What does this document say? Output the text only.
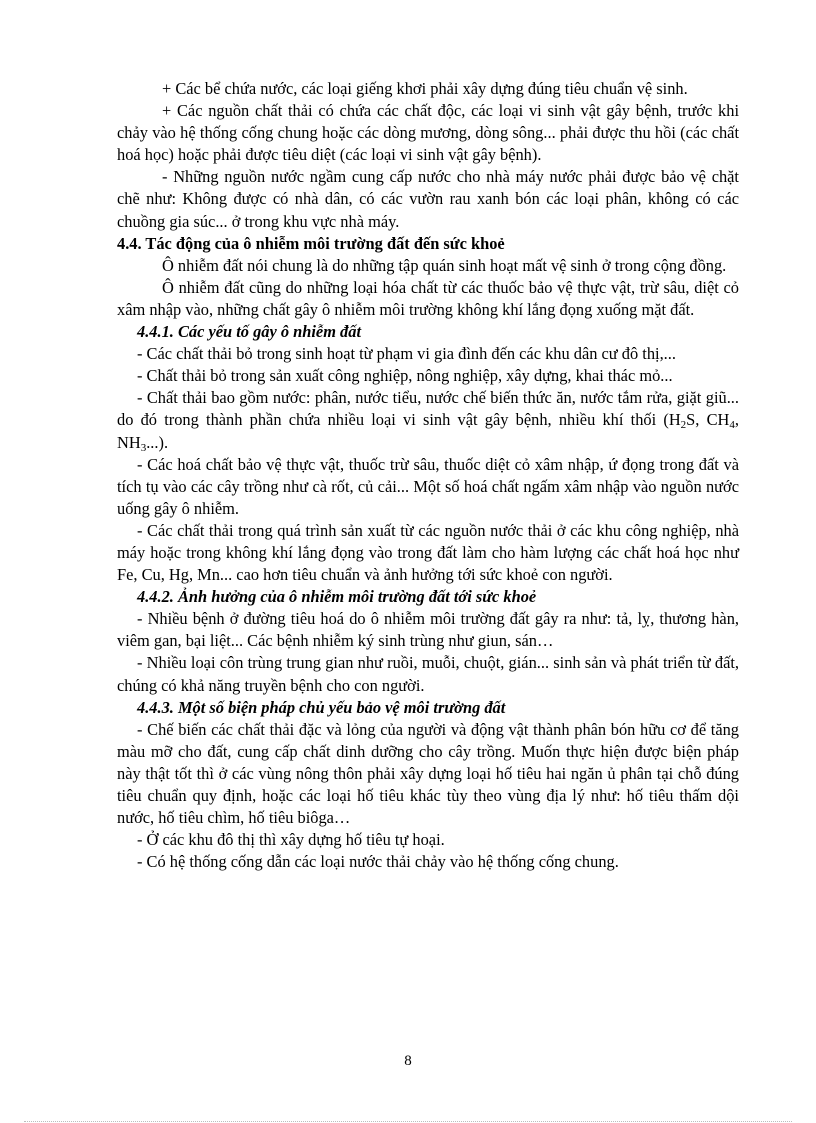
+ Các bể chứa nước, các loại giếng khơi phải xây dựng đúng tiêu chuẩn vệ sinh.

+ Các nguồn chất thải có chứa các chất độc, các loại vi sinh vật gây bệnh, trước khi chảy vào hệ thống cống chung hoặc các dòng mương, dòng sông... phải được thu hồi (các chất hoá học) hoặc phải được tiêu diệt (các loại vi sinh vật gây bệnh).

- Những nguồn nước ngầm cung cấp nước cho nhà máy nước phải được bảo vệ chặt chẽ như: Không được có nhà dân, có các vườn rau xanh bón các loại phân, không có các chuồng gia súc... ở trong khu vực nhà máy.

4.4. Tác động của ô nhiễm môi trường đất đến sức khoẻ

Ô nhiễm đất nói chung là do những tập quán sinh hoạt mất vệ sinh ở trong cộng đồng.

Ô nhiễm đất cũng do những loại hóa chất từ các thuốc bảo vệ thực vật, trừ sâu, diệt cỏ xâm nhập vào, những chất gây ô nhiễm môi trường không khí lắng đọng xuống mặt đất.

4.4.1. Các yếu tố gây ô nhiễm đất

- Các chất thải bỏ trong sinh hoạt từ phạm vi gia đình đến các khu dân cư đô thị,...

- Chất thải bỏ trong sản xuất công nghiệp, nông nghiệp, xây dựng, khai thác mỏ...

- Chất thải bao gồm nước: phân, nước tiểu, nước chế biến thức ăn, nước tắm rửa, giặt giũ... do đó trong thành phần chứa nhiều loại vi sinh vật gây bệnh, nhiều khí thối ($H_2S$, $CH_4$, $NH_3$...).

- Các hoá chất bảo vệ thực vật, thuốc trừ sâu, thuốc diệt cỏ xâm nhập, ứ đọng trong đất và tích tụ vào các cây trồng như cà rốt, củ cải... Một số hoá chất ngấm xâm nhập vào nguồn nước uống gây ô nhiễm.

- Các chất thải trong quá trình sản xuất từ các nguồn nước thải ở các khu công nghiệp, nhà máy hoặc trong không khí lắng đọng vào trong đất làm cho hàm lượng các chất hoá học như Fe, Cu, Hg, Mn... cao hơn tiêu chuẩn và ảnh hưởng tới sức khoẻ con người.

4.4.2. Ảnh hưởng của ô nhiễm môi trường đất tới sức khoẻ

- Nhiều bệnh ở đường tiêu hoá do ô nhiễm môi trường đất gây ra như: tả, lỵ, thương hàn, viêm gan, bại liệt... Các bệnh nhiễm ký sinh trùng như giun, sán…

- Nhiều loại côn trùng trung gian như ruồi, muỗi, chuột, gián... sinh sản và phát triển từ đất, chúng có khả năng truyền bệnh cho con người.

4.4.3. Một số biện pháp chủ yếu bảo vệ môi trường đất

- Chế biến các chất thải đặc và lỏng của người và động vật thành phân bón hữu cơ để tăng màu mỡ cho đất, cung cấp chất dinh dưỡng cho cây trồng. Muốn thực hiện được biện pháp này thật tốt thì ở các vùng nông thôn phải xây dựng loại hố tiêu hai ngăn ủ phân tại chỗ đúng tiêu chuẩn quy định, hoặc các loại hố tiêu khác tùy theo vùng địa lý như: hố tiêu thấm dội nước, hố tiêu chìm, hố tiêu biôga…

- Ở các khu đô thị thì xây dựng hố tiêu tự hoại.

- Có hệ thống cống dẫn các loại nước thải chảy vào hệ thống cống chung.

8
